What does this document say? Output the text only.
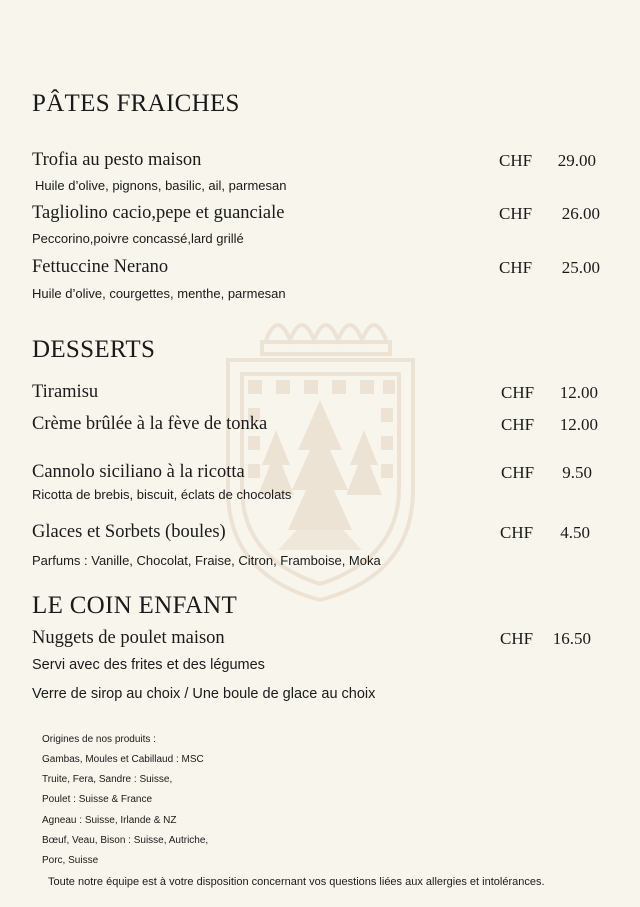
PÂTES FRAICHES
Trofia au pesto maison	CHF	29.00
Huile d’olive, pignons, basilic, ail, parmesan
Tagliolino cacio,pepe et guanciale	CHF	26.00
Peccorino,poivre concassé,lard grillé
Fettuccine Nerano	CHF	25.00
Huile d’olive, courgettes, menthe, parmesan
DESSERTS
Tiramisu	CHF	12.00
Crème brûlée à la fève de tonka	CHF	12.00
Cannolo siciliano à la ricotta	CHF	9.50
Ricotta de brebis, biscuit, éclats de chocolats
Glaces et Sorbets (boules)	CHF	4.50
Parfums : Vanille, Chocolat, Fraise, Citron, Framboise, Moka
LE COIN ENFANT
Nuggets de poulet maison	CHF	16.50
Servi avec des frites et des légumes
Verre de sirop au choix / Une boule de glace au choix
Origines de nos produits :
Gambas, Moules et Cabillaud : MSC
Truite, Fera, Sandre : Suisse,
Poulet : Suisse & France
Agneau : Suisse, Irlande & NZ
Bœuf, Veau, Bison : Suisse, Autriche,
Porc, Suisse
Toute notre équipe est à votre disposition concernant vos questions liées aux allergies et intolérances.
